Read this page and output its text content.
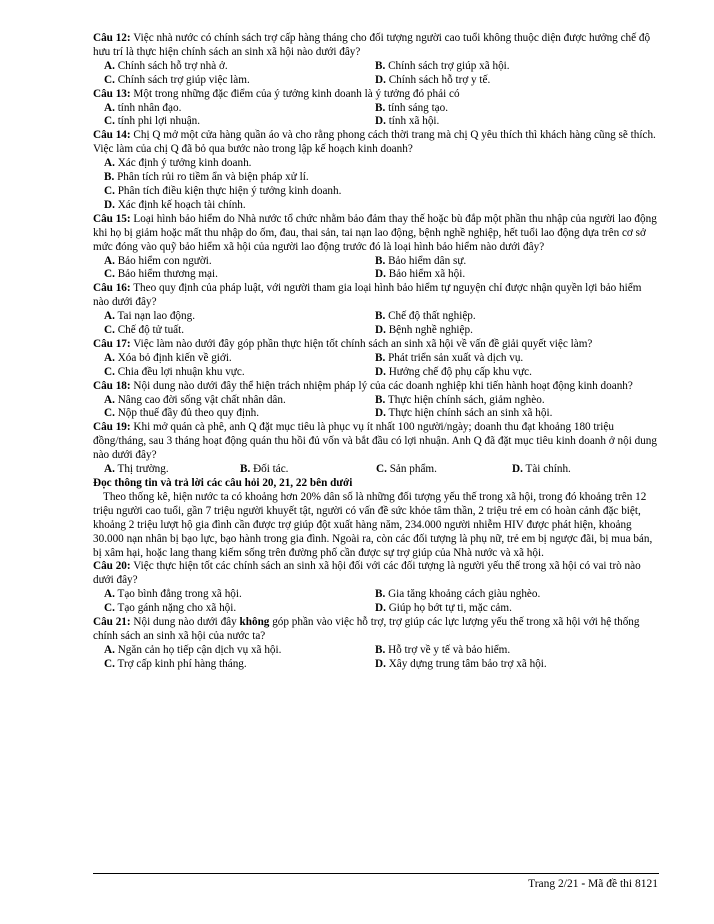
Câu 12: Việc nhà nước có chính sách trợ cấp hàng tháng cho đối tượng người cao tuổi không thuộc diện được hưởng chế độ hưu trí là thực hiện chính sách an sinh xã hội nào dưới đây?

A. Chính sách hỗ trợ nhà ở.	B. Chính sách trợ giúp xã hội.
C. Chính sách trợ giúp việc làm.	D. Chính sách hỗ trợ y tế.

Câu 13: Một trong những đặc điểm của ý tưởng kinh doanh là ý tưởng đó phải có

A. tính nhân đạo.	B. tính sáng tạo.
C. tính phi lợi nhuận.	D. tính xã hội.

Câu 14: Chị Q mở một cửa hàng quần áo và cho rằng phong cách thời trang mà chị Q yêu thích thì khách hàng cũng sẽ thích. Việc làm của chị Q đã bỏ qua bước nào trong lập kế hoạch kinh doanh?

A. Xác định ý tưởng kinh doanh.
B. Phân tích rủi ro tiềm ẩn và biện pháp xử lí.
C. Phân tích điều kiện thực hiện ý tưởng kinh doanh.
D. Xác định kế hoạch tài chính.

Câu 15: Loại hình bảo hiểm do Nhà nước tổ chức nhằm bảo đảm thay thế hoặc bù đắp một phần thu nhập của người lao động khi họ bị giảm hoặc mất thu nhập do ốm, đau, thai sản, tai nạn lao động, bệnh nghề nghiệp, hết tuổi lao động dựa trên cơ sở mức đóng vào quỹ bảo hiểm xã hội của người lao động trước đó là loại hình bảo hiểm nào dưới đây?

A. Bảo hiểm con người.	B. Bảo hiểm dân sự.
C. Bảo hiểm thương mại.	D. Bảo hiểm xã hội.

Câu 16: Theo quy định của pháp luật, với người tham gia loại hình bảo hiểm tự nguyện chỉ được nhận quyền lợi bảo hiểm nào dưới đây?

A. Tai nạn lao động.	B. Chế độ thất nghiệp.
C. Chế độ tử tuất.	D. Bệnh nghề nghiệp.

Câu 17: Việc làm nào dưới đây góp phần thực hiện tốt chính sách an sinh xã hội về vấn đề giải quyết việc làm?

A. Xóa bỏ định kiến về giới.	B. Phát triển sản xuất và dịch vụ.
C. Chia đều lợi nhuận khu vực.	D. Hưởng chế độ phụ cấp khu vực.

Câu 18: Nội dung nào dưới đây thể hiện trách nhiệm pháp lý của các doanh nghiệp khi tiến hành hoạt động kinh doanh?

A. Nâng cao đời sống vật chất nhân dân.	B. Thực hiện chính sách, giảm nghèo.
C. Nộp thuế đầy đủ theo quy định.	D. Thực hiện chính sách an sinh xã hội.

Câu 19: Khi mở quán cà phê, anh Q đặt mục tiêu là phục vụ ít nhất 100 người/ngày; doanh thu đạt khoảng 180 triệu đồng/tháng, sau 3 tháng hoạt động quán thu hồi đủ vốn và bắt đầu có lợi nhuận. Anh Q đã đặt mục tiêu kinh doanh ở nội dung nào dưới đây?

A. Thị trường.	B. Đối tác.	C. Sản phẩm.	D. Tài chính.

Đọc thông tin và trả lời các câu hỏi 20, 21, 22 bên dưới

Theo thống kê, hiện nước ta có khoảng hơn 20% dân số là những đối tượng yếu thế trong xã hội, trong đó khoảng trên 12 triệu người cao tuổi, gần 7 triệu người khuyết tật, người có vấn đề sức khỏe tâm thần, 2 triệu trẻ em có hoàn cảnh đặc biệt, khoảng 2 triệu lượt hộ gia đình cần được trợ giúp đột xuất hàng năm, 234.000 người nhiễm HIV được phát hiện, khoảng 30.000 nạn nhân bị bạo lực, bạo hành trong gia đình. Ngoài ra, còn các đối tượng là phụ nữ, trẻ em bị ngược đãi, bị mua bán, bị xâm hại, hoặc lang thang kiếm sống trên đường phố cần được sự trợ giúp của Nhà nước và xã hội.

Câu 20: Việc thực hiện tốt các chính sách an sinh xã hội đối với các đối tượng là người yếu thế trong xã hội có vai trò nào dưới đây?

A. Tạo bình đẳng trong xã hội.	B. Gia tăng khoảng cách giàu nghèo.
C. Tạo gánh nặng cho xã hội.	D. Giúp họ bớt tự ti, mặc cảm.

Câu 21: Nội dung nào dưới đây không góp phần vào việc hỗ trợ, trợ giúp các lực lượng yếu thế trong xã hội với hệ thống chính sách an sinh xã hội của nước ta?

A. Ngăn cản họ tiếp cận dịch vụ xã hội.	B. Hỗ trợ về y tế và bảo hiểm.
C. Trợ cấp kinh phí hàng tháng.	D. Xây dựng trung tâm bảo trợ xã hội.
Trang 2/21 - Mã đề thi 8121
